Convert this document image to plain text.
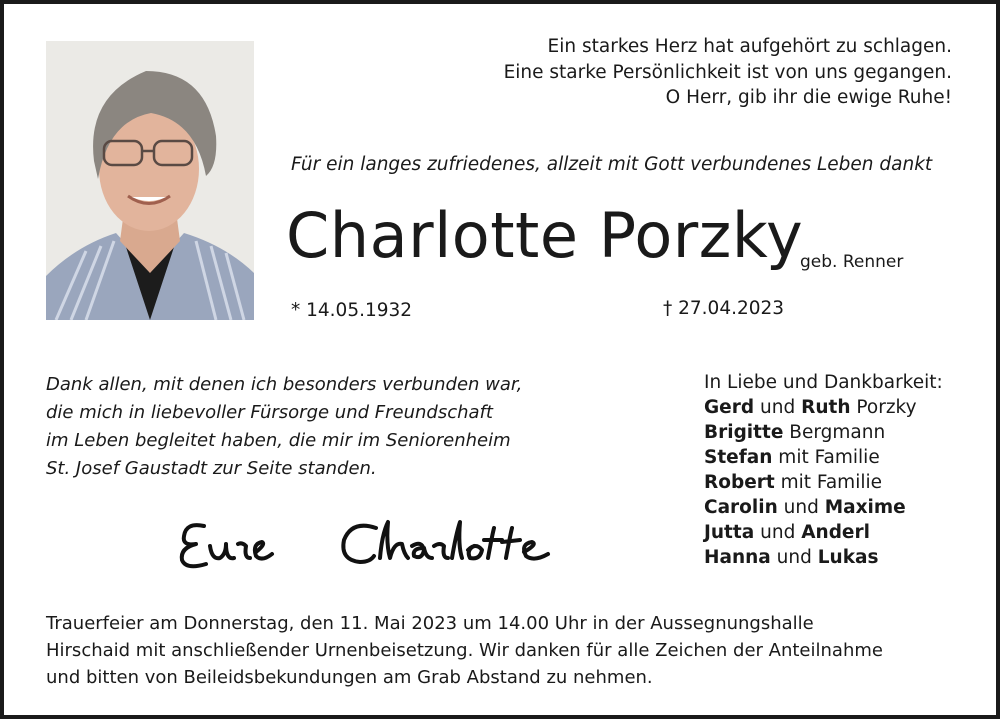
Ein starkes Herz hat aufgehört zu schlagen.
Eine starke Persönlichkeit ist von uns gegangen.
O Herr, gib ihr die ewige Ruhe!
Für ein langes zufriedenes, allzeit mit Gott verbundenes Leben dankt
Charlotte Porzky
geb. Renner
* 14.05.1932	† 27.04.2023
Dank allen, mit denen ich besonders verbunden war,
die mich in liebevoller Fürsorge und Freundschaft
im Leben begleitet haben, die mir im Seniorenheim
St. Josef Gaustadt zur Seite standen.
In Liebe und Dankbarkeit:
Gerd und Ruth Porzky
Brigitte Bergmann
Stefan mit Familie
Robert mit Familie
Carolin und Maxime
Jutta und Anderl
Hanna und Lukas
Trauerfeier am Donnerstag, den 11. Mai 2023 um 14.00 Uhr in der Aussegnungshalle
Hirschaid mit anschließender Urnenbeisetzung. Wir danken für alle Zeichen der Anteilnahme
und bitten von Beileidsbekundungen am Grab Abstand zu nehmen.
